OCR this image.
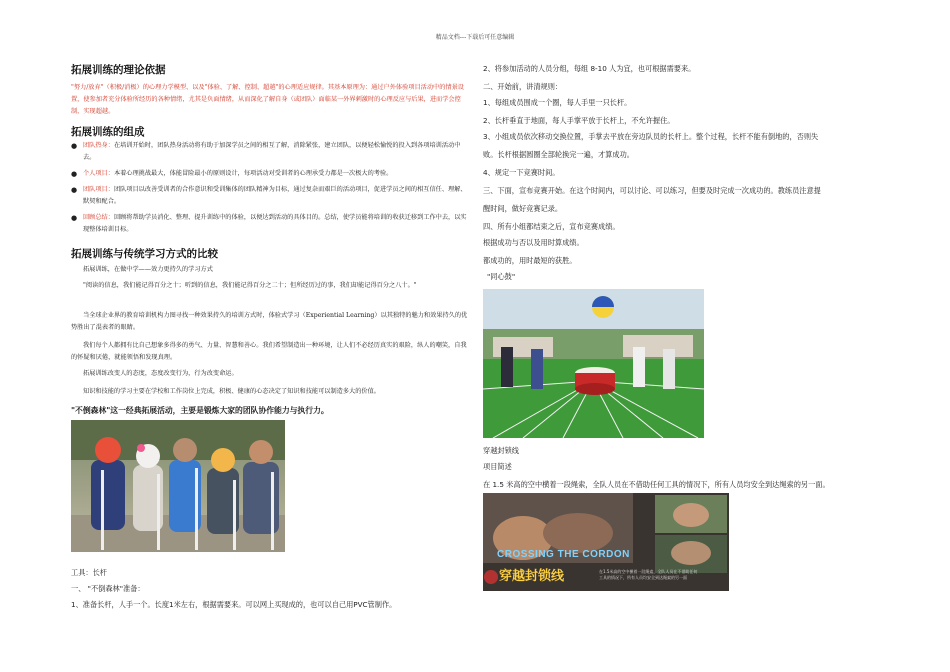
精品文档---下载后可任意编辑
拓展训练的理论依据
"努力/放弃"（积极/消极）的心理力学模型、以及"体验、了解、控制、超越"的心理适应规律。其基本原理为：通过户外体验项目活动中的情景设置，使参加者充分体验所经历的各种情绪，尤其是负面情绪，从而深化了解自身（或团队）面临某一外界刺激时的心理反应与后果，进而学会控制，实现超越。
拓展训练的组成
● 团队热身：在培训开始时，团队热身活动将有助于加深学员之间的相互了解，消除紧张，建立团队，以便轻松愉悦的投入到各项培训活动中去。
● 个人项目：本着心理挑战最大，体能冒险最小的原则设计，每项活动对受训者的心理承受力都是一次极大的考验。
● 团队项目：团队项目以改善受训者的合作意识和受训集体的团队精神为目标，通过复杂而艰巨的活动项目，促进学员之间的相互信任、理解、默契和配合。
● 回顾总结：回顾将帮助学员消化、整理、提升训练中的体验，以便达到活动的具体目的。总结，使学员能将培训的收获迁移到工作中去，以实现整体培训目标。
拓展训练与传统学习方式的比较
拓展训练，在做中学——效力更持久的学习方式
"阅读的信息，我们能记得百分之十；听到的信息，我们能记得百分之二十；但所经历过的事，我们却能记得百分之八十。"
当全球企业界的教育培训机构力图寻找一种效果持久的培训方式时，体验式学习（Experiential Learning）以其独特的魅力和效果持久的优势胜出了混表者的眼睛。
我们每个人都拥有比自己想象多得多的勇气、力量、智慧和善心。我们希望制造出一种环境，让人们不必经历真实的艰险，纵人的嘲笑，自我的怀疑和厌倦，就能领悟和发现真理。
拓展训练改变人的态度，态度改变行为，行为改变命运。
知识和技能的学习主要在学校和工作岗位上完成，积极、健康的心态决定了知识和技能可以制造多大的价值。
"不倒森林"这一经典拓展活动，主要是锻炼大家的团队协作能力与执行力。
工具：长杆
一、 "不倒森林"准备：
1、准备长杆，人手一个。长度1米左右，根据需要来。可以网上买现成的，也可以自己用PVC管制作。
2、将参加活动的人员分组，每组 8-10 人为宜，也可根据需要来。
二、开始前，讲清规则：
1、每组成员围成一个圈，每人手里一只长杆。
2、长杆垂直于地面，每人手掌平放于长杆上，不允许握住。
3、小组成员依次移动交换位置，手掌去平放在旁边队员的长杆上。整个过程，长杆不能有倒地的，否则失
败。长杆根据圆圈全部轮换完一遍，才算成功。
4、规定一下竞赛时间。
三、下面，宣布竞赛开始。在这个时间内，可以讨论、可以练习，但要及时完成一次成功的。教练员注意提
醒时间，做好竞赛记录。
四、所有小组都结束之后，宣布竞赛成绩。
根据成功与否以及用时算成绩。
都成功的，用时最短的获胜。
"同心鼓"
穿越封锁线
项目简述
在 1.5 米高的空中横着一段绳索，全队人员在不借助任何工具的情况下，所有人员均安全到达绳索的另一面。
CROSSING THE CORDON
穿越封锁线	在1.5米高的空中横着一段绳索，全队人员在不借助任何工具的情况下，所有人员均安全到达绳索的另一面
